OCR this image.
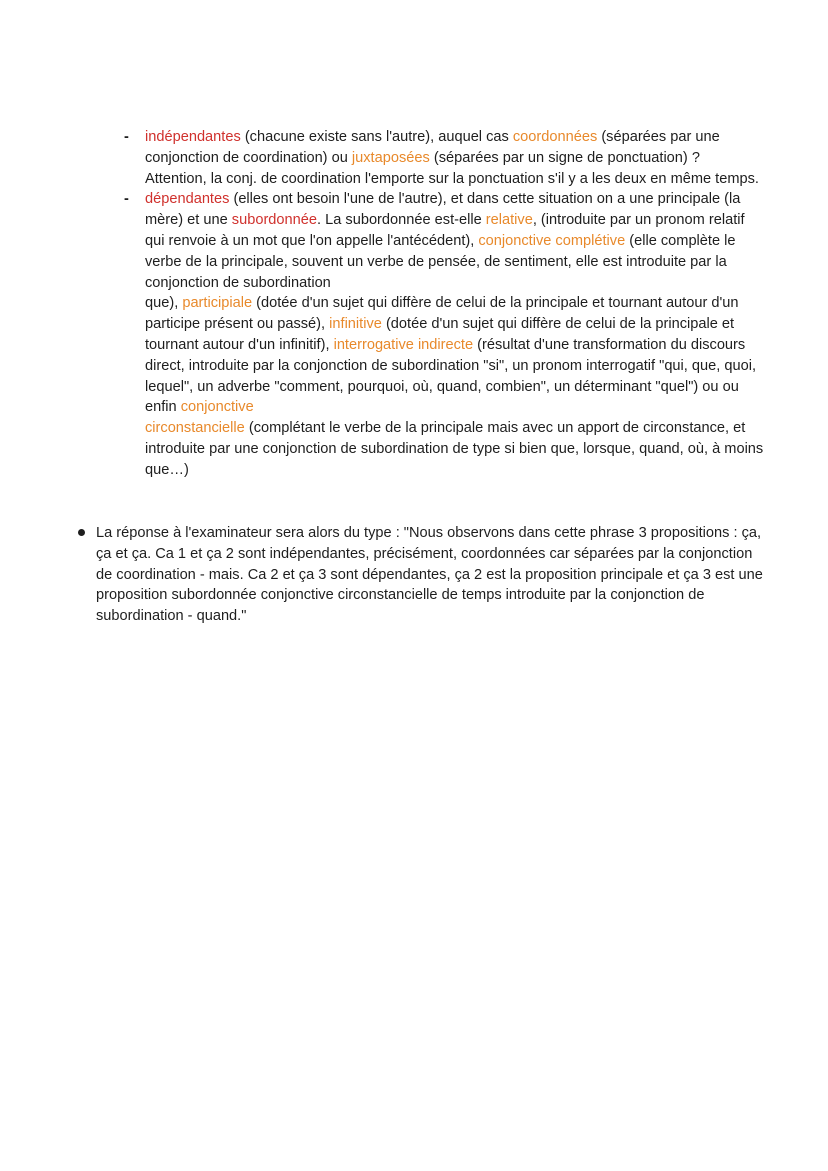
-	indépendantes (chacune existe sans l'autre), auquel cas coordonnées (séparées par une conjonction de coordination) ou juxtaposées (séparées par un signe de ponctuation) ? Attention, la conj. de coordination l'emporte sur la ponctuation s'il y a les deux en même temps.
-	dépendantes (elles ont besoin l'une de l'autre), et dans cette situation on a une principale (la mère) et une subordonnée. La subordonnée est-elle relative, (introduite par un pronom relatif qui renvoie à un mot que l'on appelle l'antécédent), conjonctive complétive (elle complète le verbe de la principale, souvent un verbe de pensée, de sentiment, elle est introduite par la conjonction de subordination
que), participiale (dotée d'un sujet qui diffère de celui de la principale et tournant autour d'un participe présent ou passé), infinitive (dotée d'un sujet qui diffère de celui de la principale et tournant autour d'un infinitif), interrogative indirecte (résultat d'une transformation du discours direct, introduite par la conjonction de subordination "si", un pronom interrogatif "qui, que, quoi, lequel", un adverbe "comment, pourquoi, où, quand, combien", un déterminant "quel") ou ou enfin conjonctive
circonstancielle (complétant le verbe de la principale mais avec un apport de circonstance, et introduite par une conjonction de subordination de type si bien que, lorsque, quand, où, à moins que…)
La réponse à l'examinateur sera alors du type : "Nous observons dans cette phrase 3 propositions : ça, ça et ça. Ca 1 et ça 2 sont indépendantes, précisément, coordonnées car séparées par la conjonction de coordination - mais. Ca 2 et ça 3 sont dépendantes, ça 2 est la proposition principale et ça 3 est une proposition subordonnée conjonctive circonstancielle de temps introduite par la conjonction de subordination - quand."
